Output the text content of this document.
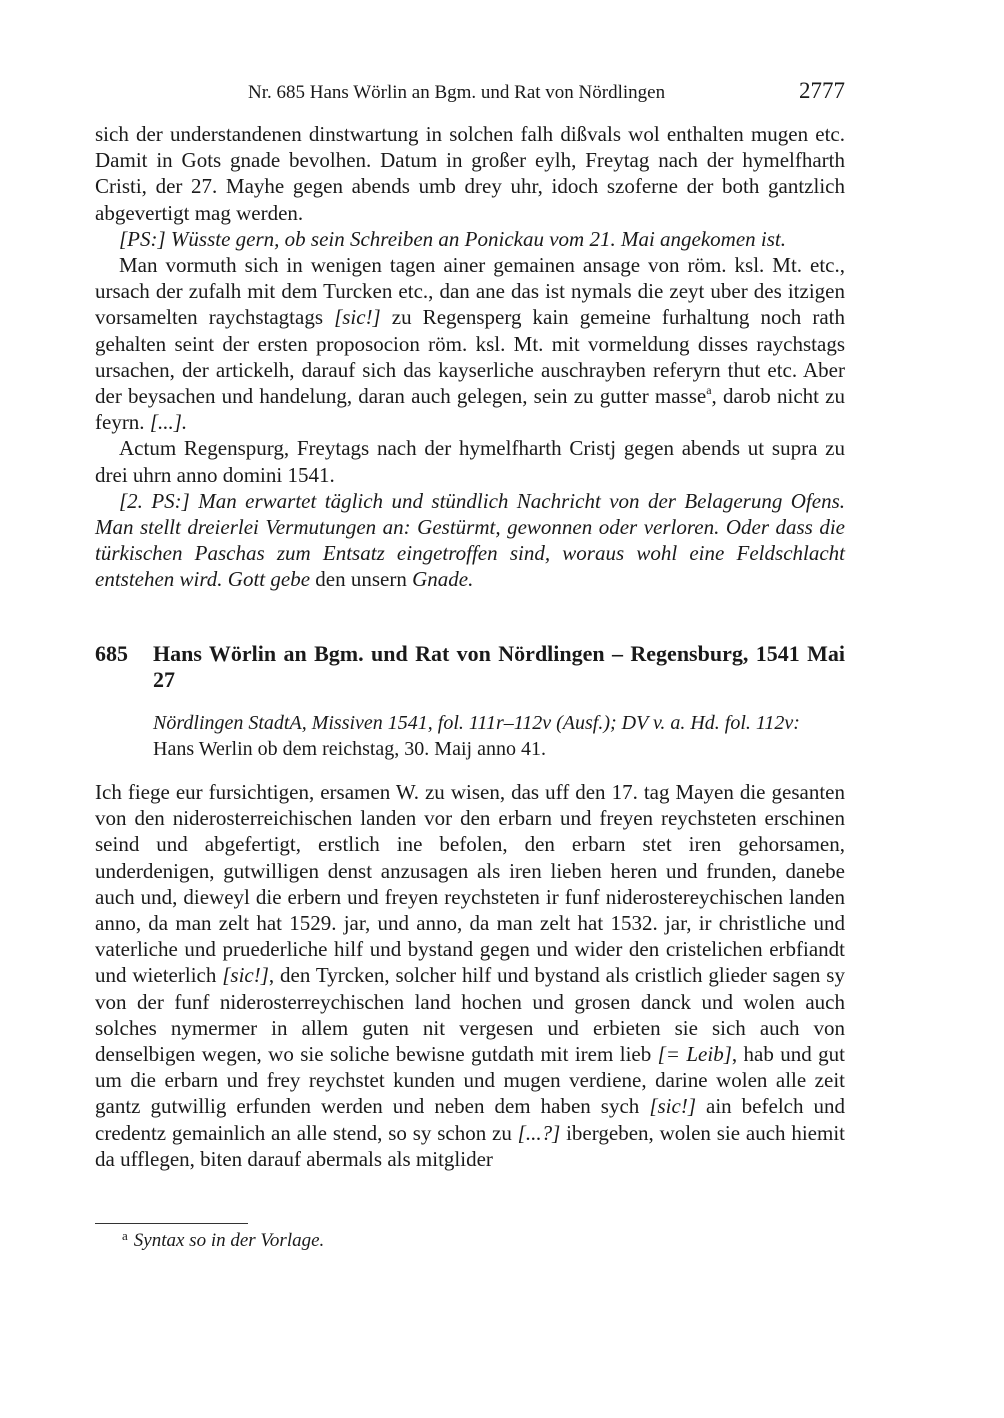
Nr. 685 Hans Wörlin an Bgm. und Rat von Nördlingen	2777

sich der understandenen dinstwartung in solchen falh dißvals wol enthalten mugen etc. Damit in Gots gnade bevolhen. Datum in großer eylh, Freytag nach der hymelfharth Cristi, der 27. Mayhe gegen abends umb drey uhr, idoch szoferne der both gantzlich abgevertigt mag werden.

[PS:] Wüsste gern, ob sein Schreiben an Ponickau vom 21. Mai angekomen ist.

Man vormuth sich in wenigen tagen ainer gemainen ansage von röm. ksl. Mt. etc., ursach der zufalh mit dem Turcken etc., dan ane das ist nymals die zeyt uber des itzigen vorsamelten raychstagtags [sic!] zu Regensperg kain gemeine furhaltung noch rath gehalten seint der ersten proposocion röm. ksl. Mt. mit vormeldung disses raychstags ursachen, der artickelh, darauf sich das kayserliche auschrayben referyrn thut etc. Aber der beysachen und handelung, daran auch gelegen, sein zu gutter masse$^a$, darob nicht zu feyrn. [...].

Actum Regenspurg, Freytags nach der hymelfharth Cristj gegen abends ut supra zu drei uhrn anno domini 1541.

[2. PS:] Man erwartet täglich und stündlich Nachricht von der Belagerung Ofens. Man stellt dreierlei Vermutungen an: Gestürmt, gewonnen oder verloren. Oder dass die türkischen Paschas zum Entsatz eingetroffen sind, woraus wohl eine Feldschlacht entstehen wird. Gott gebe den unsern Gnade.

685 Hans Wörlin an Bgm. und Rat von Nördlingen – Regensburg, 1541 Mai 27

Nördlingen StadtA, Missiven 1541, fol. 111r–112v (Ausf.); DV v. a. Hd. fol. 112v:

Hans Werlin ob dem reichstag, 30. Maij anno 41.

Ich fiege eur fursichtigen, ersamen W. zu wisen, das uff den 17. tag Mayen die gesanten von den niderosterreichischen landen vor den erbarn und freyen reychsteten erschinen seind und abgefertigt, erstlich ine befolen, den erbarn stet iren gehorsamen, underdenigen, gutwilligen denst anzusagen als iren lieben heren und frunden, danebe auch und, dieweyl die erbern und freyen reychsteten ir funf niderostereychischen landen anno, da man zelt hat 1529. jar, und anno, da man zelt hat 1532. jar, ir christliche und vaterliche und pruederliche hilf und bystand gegen und wider den cristelichen erbfiandt und wieterlich [sic!], den Tyrcken, solcher hilf und bystand als cristlich glieder sagen sy von der funf niderosterreychischen land hochen und grosen danck und wolen auch solches nymermer in allem guten nit vergesen und erbieten sie sich auch von denselbigen wegen, wo sie soliche bewisne gutdath mit irem lieb [= Leib], hab und gut um die erbarn und frey reychstet kunden und mugen verdiene, darine wolen alle zeit gantz gutwillig erfunden werden und neben dem haben sych [sic!] ain befelch und credentz gemainlich an alle stend, so sy schon zu [...?] ibergeben, wolen sie auch hiemit da ufflegen, biten darauf abermals als mitglider

$^a$ Syntax so in der Vorlage.
